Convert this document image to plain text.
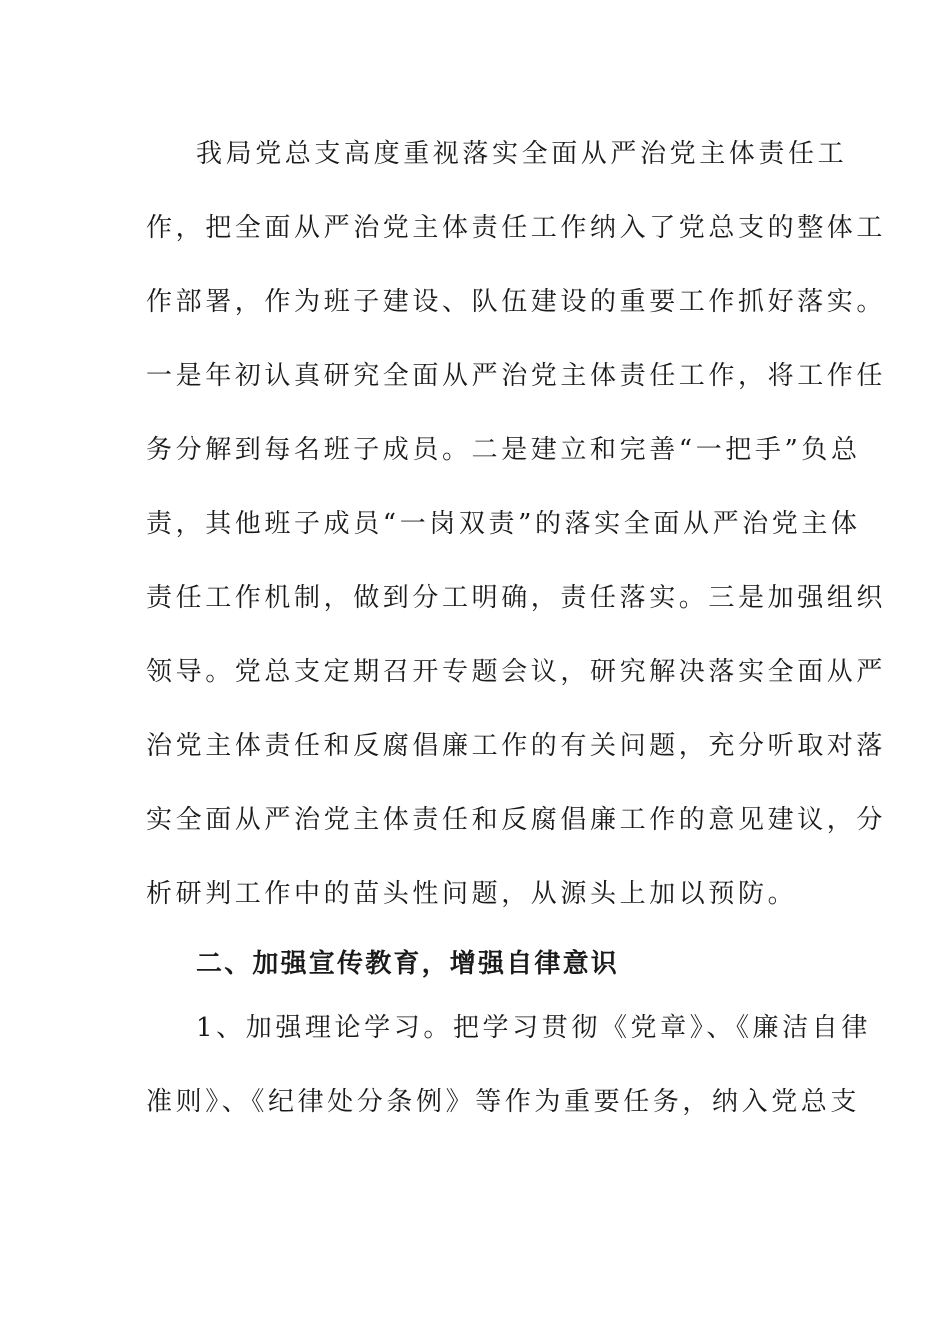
我局党总支高度重视落实全面从严治党主体责任工
作，把全面从严治党主体责任工作纳入了党总支的整体工
作部署，作为班子建设、队伍建设的重要工作抓好落实。
一是年初认真研究全面从严治党主体责任工作，将工作任
务分解到每名班子成员。二是建立和完善“一把手”负总
责，其他班子成员“一岗双责”的落实全面从严治党主体
责任工作机制，做到分工明确，责任落实。三是加强组织
领导。党总支定期召开专题会议，研究解决落实全面从严
治党主体责任和反腐倡廉工作的有关问题，充分听取对落
实全面从严治党主体责任和反腐倡廉工作的意见建议，分
析研判工作中的苗头性问题，从源头上加以预防。
二、加强宣传教育，增强自律意识
1、加强理论学习。把学习贯彻《党章》、《廉洁自律
准则》、《纪律处分条例》等作为重要任务，纳入党总支
